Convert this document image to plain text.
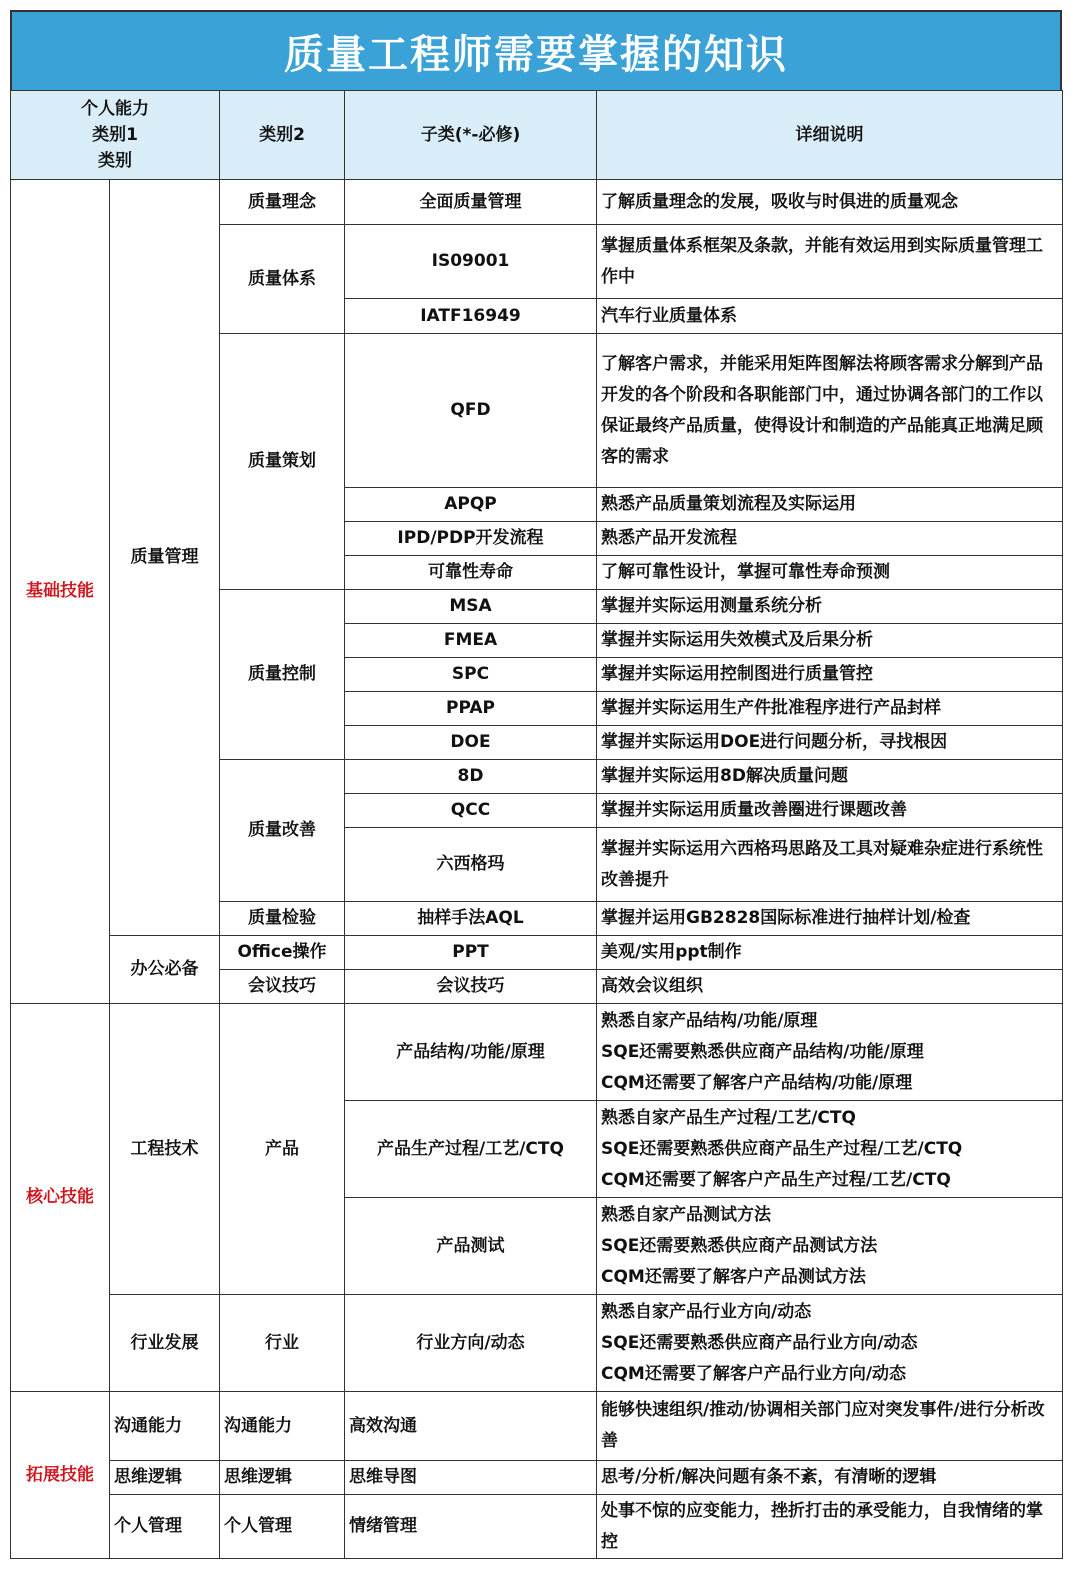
质量工程师需要掌握的知识
个人能力
类别1
类别		类别2	子类(*-必修)	详细说明
基础技能	质量管理	质量理念	全面质量管理	了解质量理念的发展，吸收与时俱进的质量观念
		质量体系	IS09001	掌握质量体系框架及条款，并能有效运用到实际质量管理工作中
			IATF16949	汽车行业质量体系
		质量策划	QFD	了解客户需求，并能采用矩阵图解法将顾客需求分解到产品开发的各个阶段和各职能部门中，通过协调各部门的工作以保证最终产品质量，使得设计和制造的产品能真正地满足顾客的需求
			APQP	熟悉产品质量策划流程及实际运用
			IPD/PDP开发流程	熟悉产品开发流程
			可靠性寿命	了解可靠性设计，掌握可靠性寿命预测
		质量控制	MSA	掌握并实际运用测量系统分析
			FMEA	掌握并实际运用失效模式及后果分析
			SPC	掌握并实际运用控制图进行质量管控
			PPAP	掌握并实际运用生产件批准程序进行产品封样
			DOE	掌握并实际运用DOE进行问题分析，寻找根因
		质量改善	8D	掌握并实际运用8D解决质量问题
			QCC	掌握并实际运用质量改善圈进行课题改善
			六西格玛	掌握并实际运用六西格玛思路及工具对疑难杂症进行系统性改善提升
		质量检验	抽样手法AQL	掌握并运用GB2828国际标准进行抽样计划/检查
	办公必备	Office操作	PPT	美观/实用ppt制作
		会议技巧	会议技巧	高效会议组织
核心技能	工程技术	产品	产品结构/功能/原理	熟悉自家产品结构/功能/原理
SQE还需要熟悉供应商产品结构/功能/原理
CQM还需要了解客户产品结构/功能/原理

			产品生产过程/工艺/CTQ	熟悉自家产品生产过程/工艺/CTQ
SQE还需要熟悉供应商产品生产过程/工艺/CTQ
CQM还需要了解客户产品生产过程/工艺/CTQ

			产品测试	熟悉自家产品测试方法
SQE还需要熟悉供应商产品测试方法
CQM还需要了解客户产品测试方法

	行业发展	行业	行业方向/动态	熟悉自家产品行业方向/动态
SQE还需要熟悉供应商产品行业方向/动态
CQM还需要了解客户产品行业方向/动态

拓展技能	沟通能力	沟通能力	高效沟通	能够快速组织/推动/协调相关部门应对突发事件/进行分析改善
	思维逻辑	思维逻辑	思维导图	思考/分析/解决问题有条不紊，有清晰的逻辑
	个人管理	个人管理	情绪管理	处事不惊的应变能力，挫折打击的承受能力，自我情绪的掌控
